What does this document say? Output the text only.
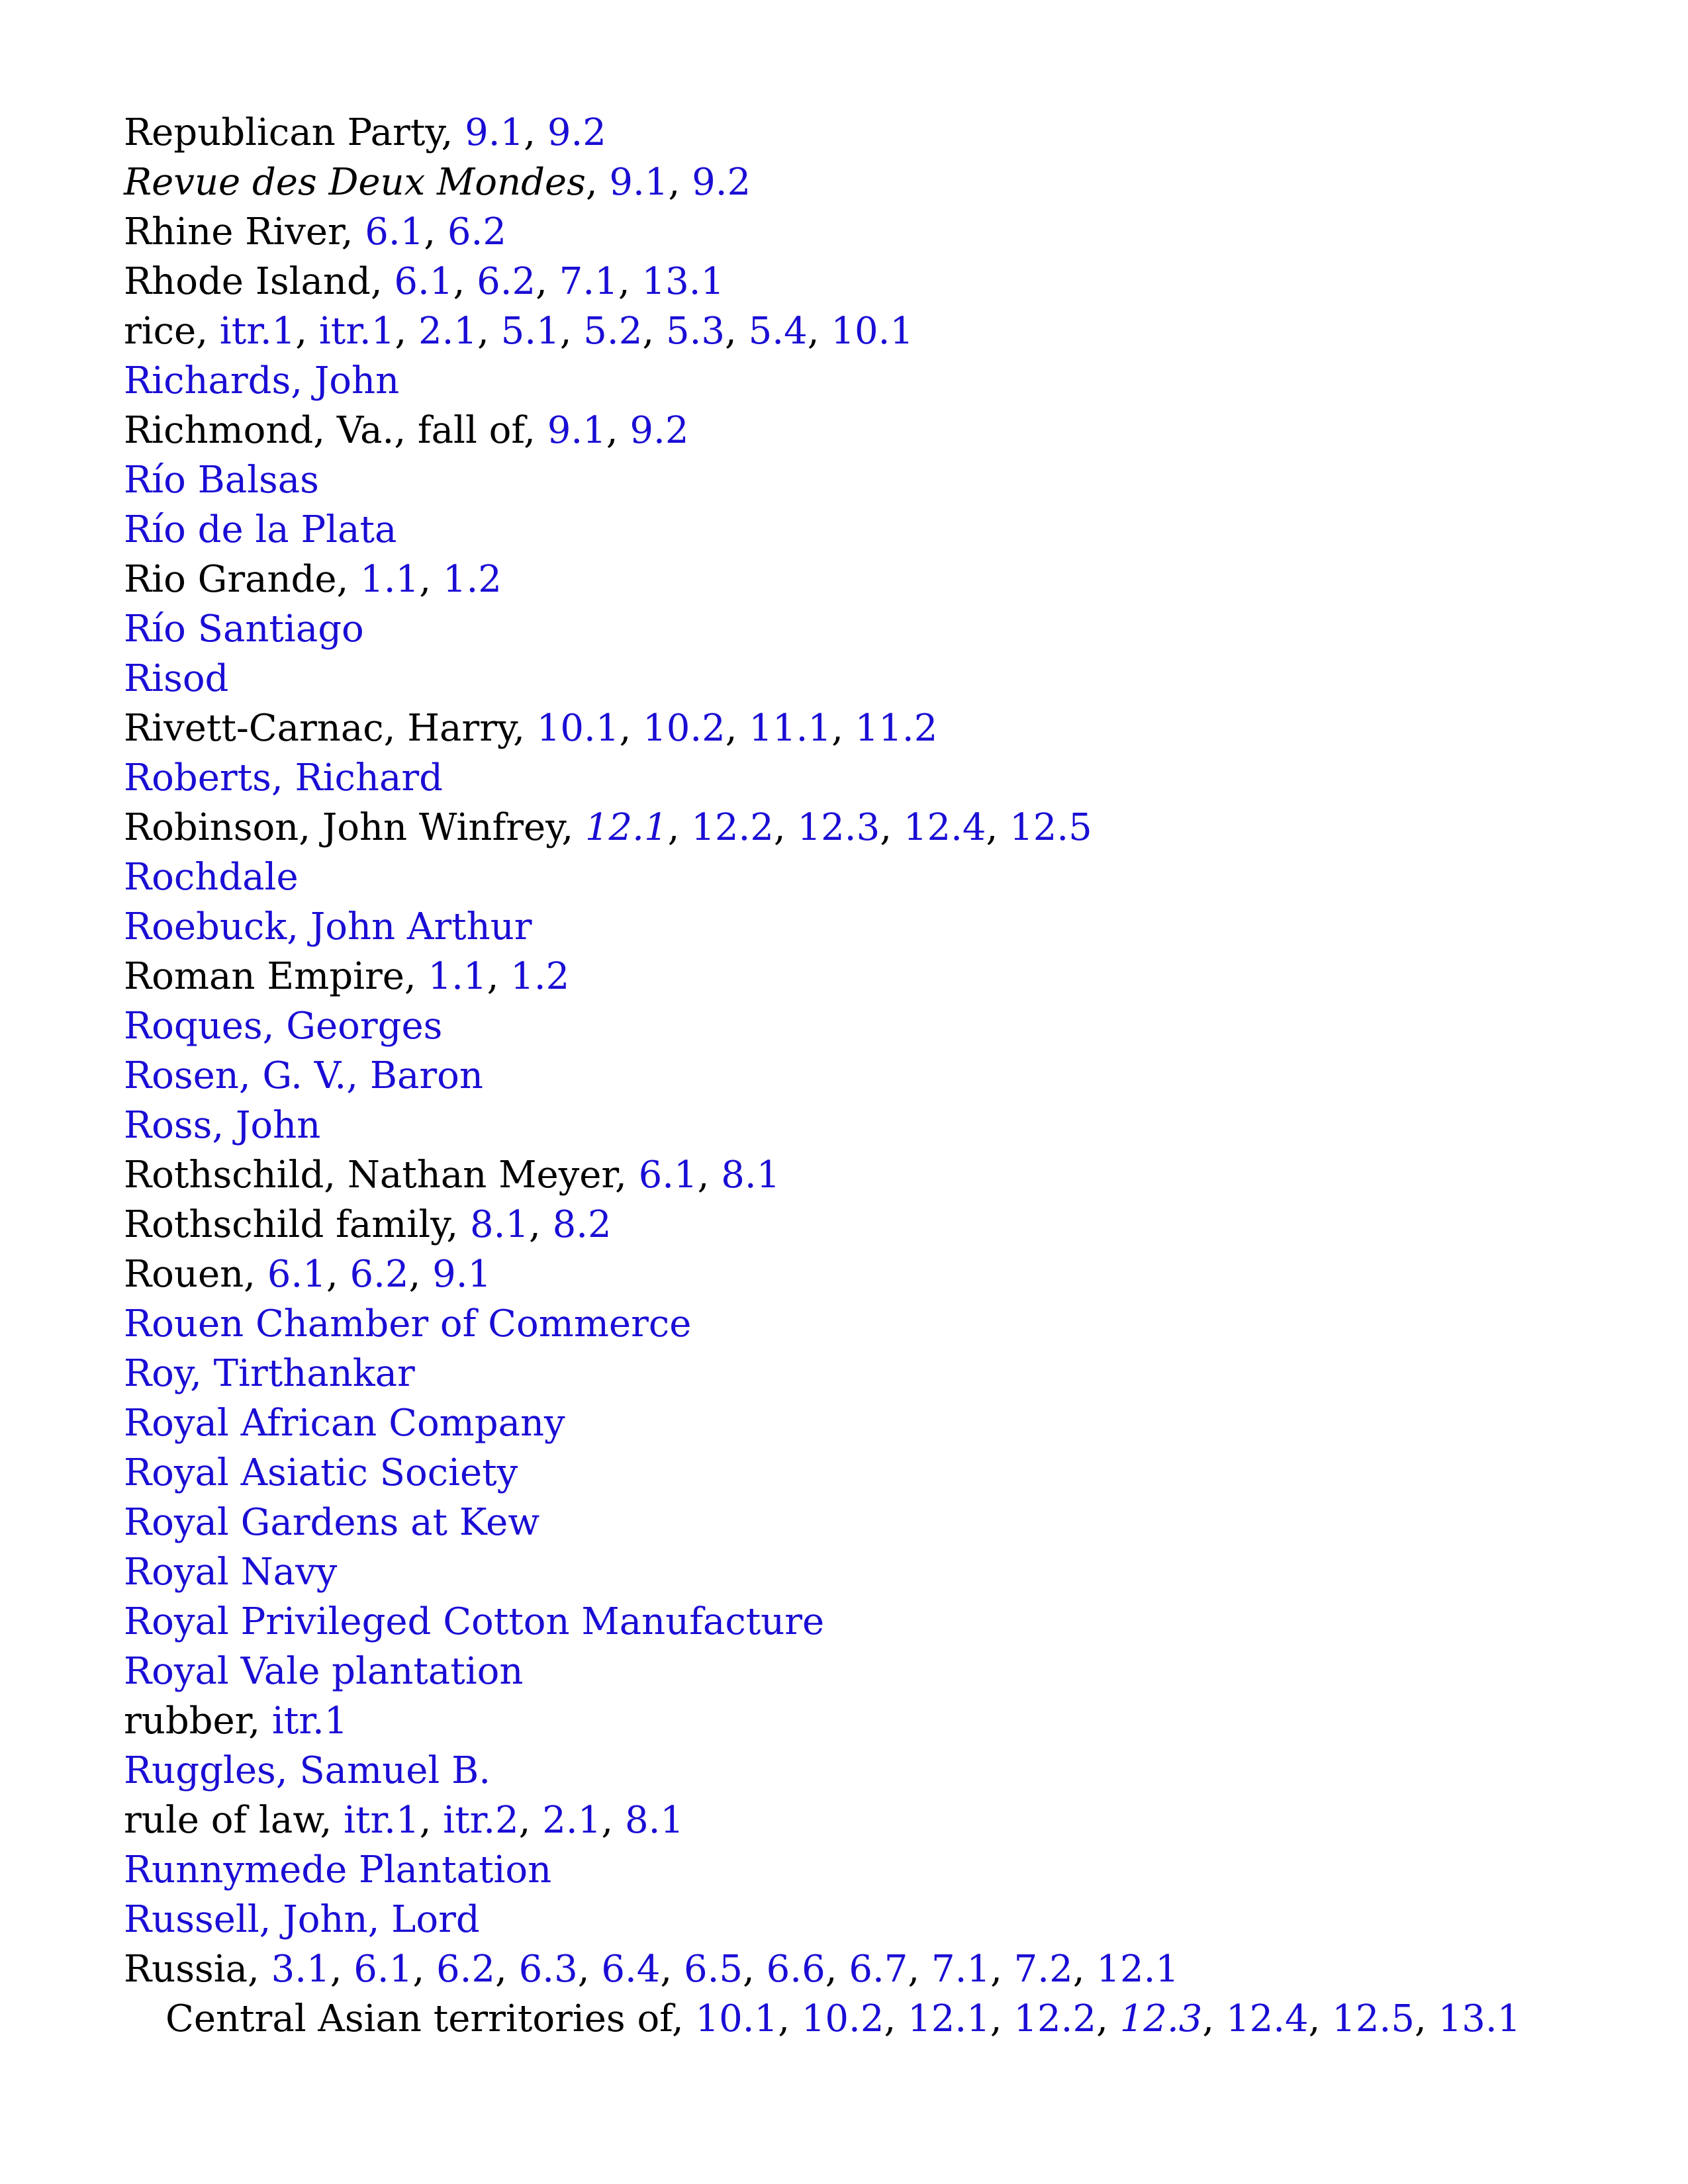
Republican Party, 9.1, 9.2
Revue des Deux Mondes, 9.1, 9.2
Rhine River, 6.1, 6.2
Rhode Island, 6.1, 6.2, 7.1, 13.1
rice, itr.1, itr.1, 2.1, 5.1, 5.2, 5.3, 5.4, 10.1
Richards, John
Richmond, Va., fall of, 9.1, 9.2
Río Balsas
Río de la Plata
Rio Grande, 1.1, 1.2
Río Santiago
Risod
Rivett-Carnac, Harry, 10.1, 10.2, 11.1, 11.2
Roberts, Richard
Robinson, John Winfrey, 12.1, 12.2, 12.3, 12.4, 12.5
Rochdale
Roebuck, John Arthur
Roman Empire, 1.1, 1.2
Roques, Georges
Rosen, G. V., Baron
Ross, John
Rothschild, Nathan Meyer, 6.1, 8.1
Rothschild family, 8.1, 8.2
Rouen, 6.1, 6.2, 9.1
Rouen Chamber of Commerce
Roy, Tirthankar
Royal African Company
Royal Asiatic Society
Royal Gardens at Kew
Royal Navy
Royal Privileged Cotton Manufacture
Royal Vale plantation
rubber, itr.1
Ruggles, Samuel B.
rule of law, itr.1, itr.2, 2.1, 8.1
Runnymede Plantation
Russell, John, Lord
Russia, 3.1, 6.1, 6.2, 6.3, 6.4, 6.5, 6.6, 6.7, 7.1, 7.2, 12.1
Central Asian territories of, 10.1, 10.2, 12.1, 12.2, 12.3, 12.4, 12.5, 13.1
